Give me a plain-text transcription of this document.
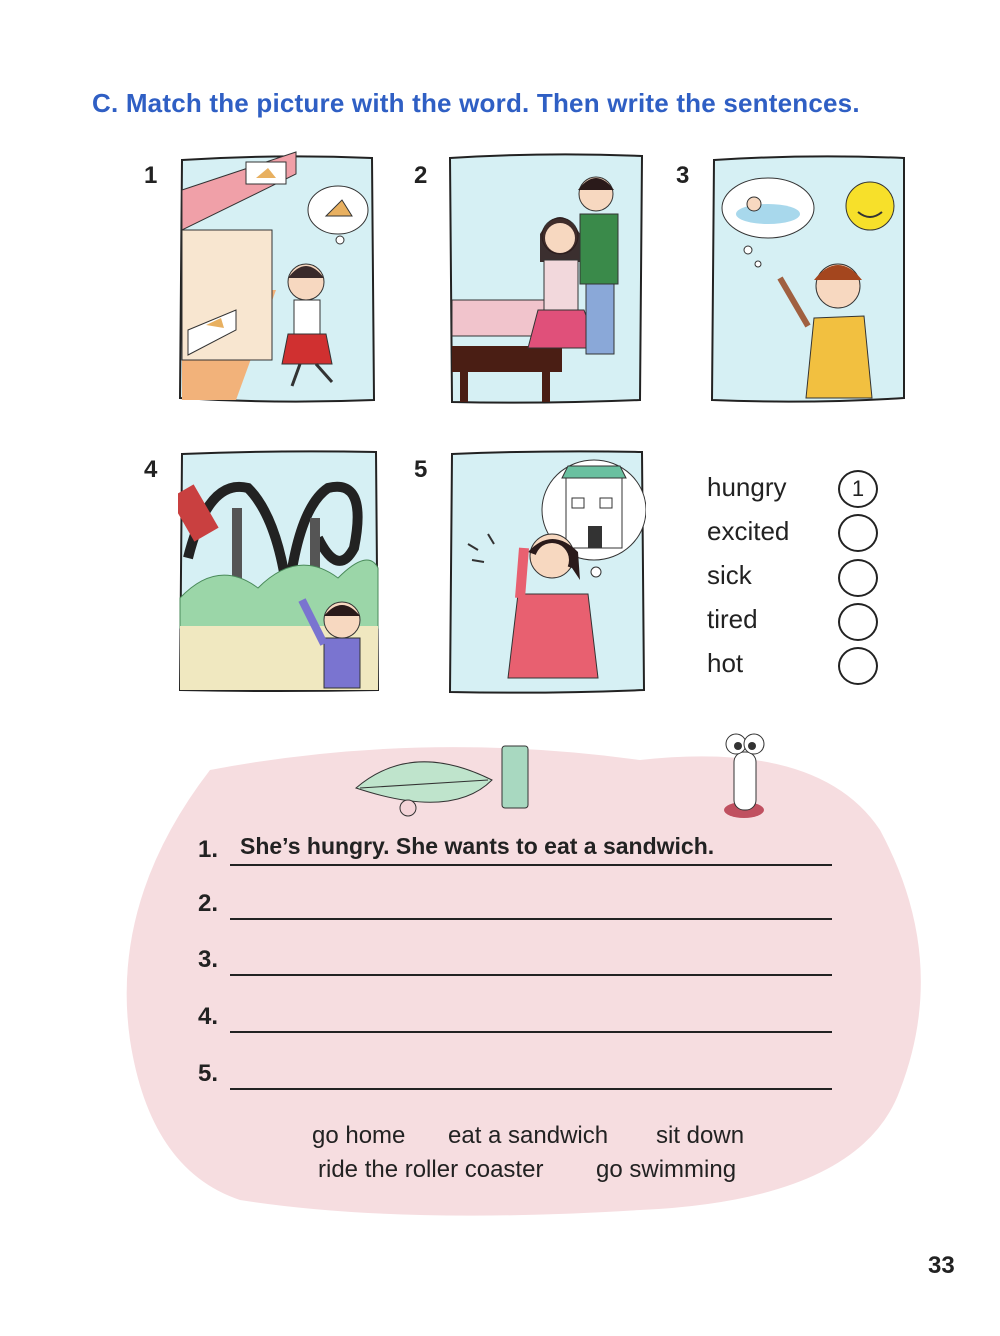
C. Match the picture with the word. Then write the sentences.
1	2	3
4	5
hungry	1
excited
sick
tired
hot
1. She’s hungry. She wants to eat a sandwich.
2.
3.
4.
5.
go home eat a sandwich sit down
ride the roller coaster go swimming
33
